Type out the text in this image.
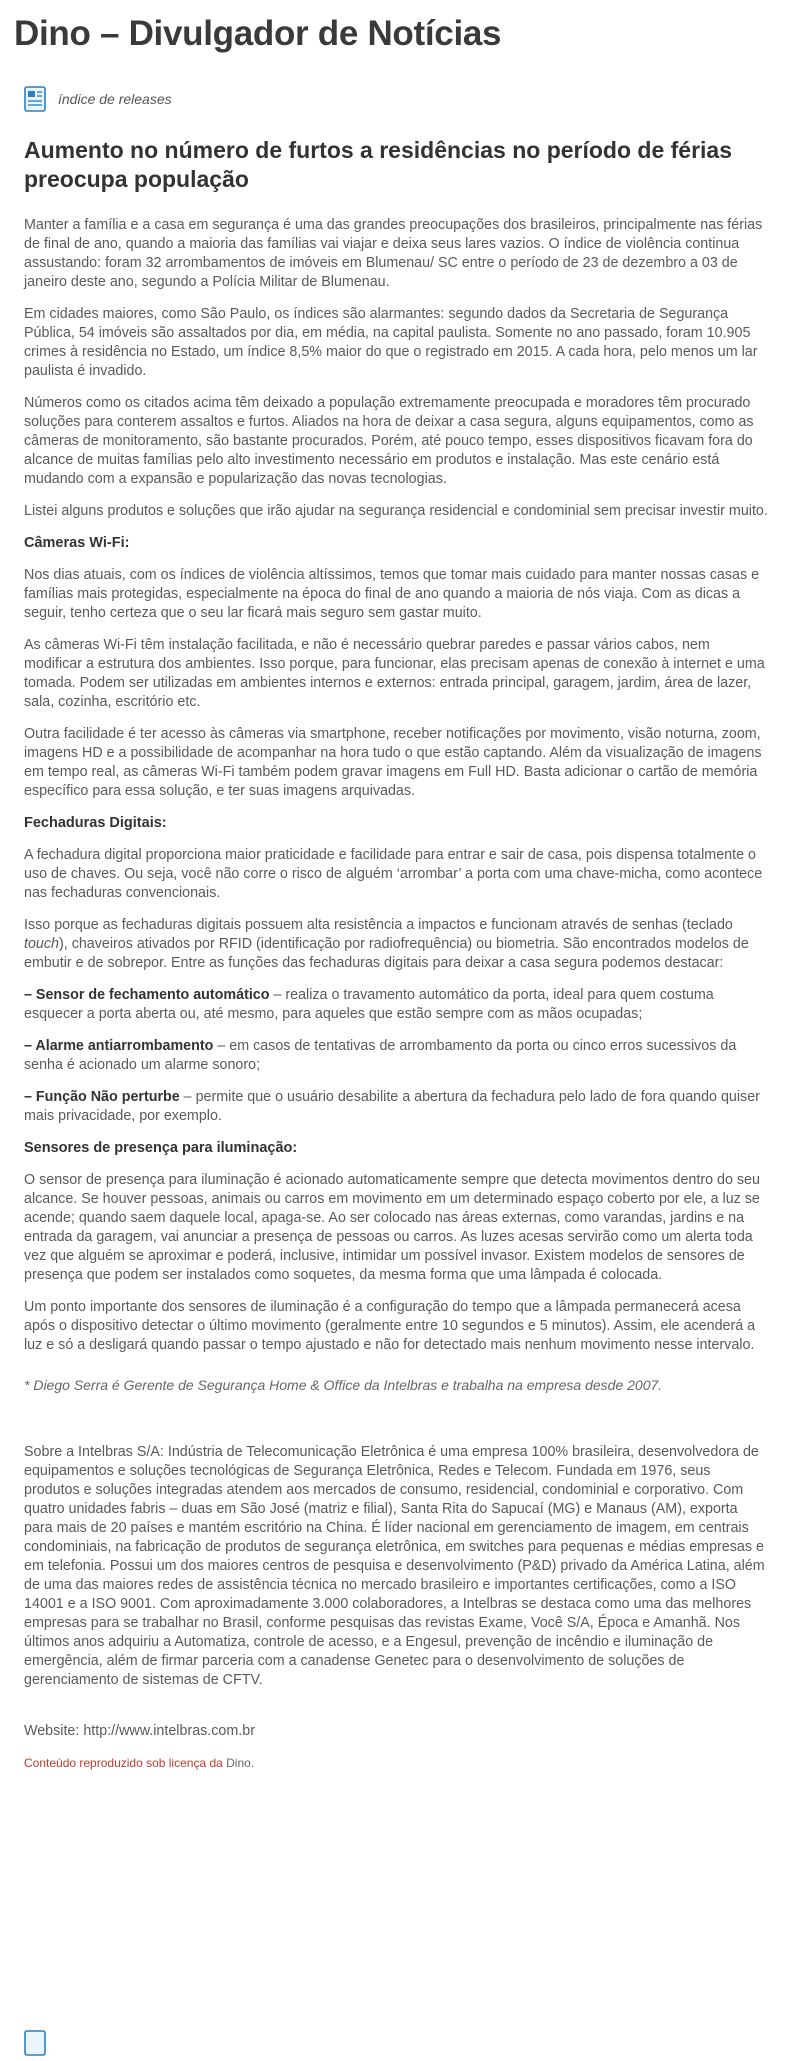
Dino – Divulgador de Notícias
índice de releases
Aumento no número de furtos a residências no período de férias preocupa população

Manter a família e a casa em segurança é uma das grandes preocupações dos brasileiros, principalmente nas férias de final de ano, quando a maioria das famílias vai viajar e deixa seus lares vazios. O índice de violência continua assustando: foram 32 arrombamentos de imóveis em Blumenau/ SC entre o período de 23 de dezembro a 03 de janeiro deste ano, segundo a Polícia Militar de Blumenau.

Em cidades maiores, como São Paulo, os índices são alarmantes: segundo dados da Secretaria de Segurança Pública, 54 imóveis são assaltados por dia, em média, na capital paulista. Somente no ano passado, foram 10.905 crimes à residência no Estado, um índice 8,5% maior do que o registrado em 2015. A cada hora, pelo menos um lar paulista é invadido.

Números como os citados acima têm deixado a população extremamente preocupada e moradores têm procurado soluções para conterem assaltos e furtos. Aliados na hora de deixar a casa segura, alguns equipamentos, como as câmeras de monitoramento, são bastante procurados. Porém, até pouco tempo, esses dispositivos ficavam fora do alcance de muitas famílias pelo alto investimento necessário em produtos e instalação. Mas este cenário está mudando com a expansão e popularização das novas tecnologias.

Listei alguns produtos e soluções que irão ajudar na segurança residencial e condominial sem precisar investir muito.

Câmeras Wi-Fi:

Nos dias atuais, com os índices de violência altíssimos, temos que tomar mais cuidado para manter nossas casas e famílias mais protegidas, especialmente na época do final de ano quando a maioria de nós viaja. Com as dicas a seguir, tenho certeza que o seu lar ficará mais seguro sem gastar muito.

As câmeras Wi-Fi têm instalação facilitada, e não é necessário quebrar paredes e passar vários cabos, nem modificar a estrutura dos ambientes. Isso porque, para funcionar, elas precisam apenas de conexão à internet e uma tomada. Podem ser utilizadas em ambientes internos e externos: entrada principal, garagem, jardim, área de lazer, sala, cozinha, escritório etc.

Outra facilidade é ter acesso às câmeras via smartphone, receber notificações por movimento, visão noturna, zoom, imagens HD e a possibilidade de acompanhar na hora tudo o que estão captando. Além da visualização de imagens em tempo real, as câmeras Wi-Fi também podem gravar imagens em Full HD. Basta adicionar o cartão de memória específico para essa solução, e ter suas imagens arquivadas.

Fechaduras Digitais:

A fechadura digital proporciona maior praticidade e facilidade para entrar e sair de casa, pois dispensa totalmente o uso de chaves. Ou seja, você não corre o risco de alguém ‘arrombar’ a porta com uma chave-micha, como acontece nas fechaduras convencionais.

Isso porque as fechaduras digitais possuem alta resistência a impactos e funcionam através de senhas (teclado touch), chaveiros ativados por RFID (identificação por radiofrequência) ou biometria. São encontrados modelos de embutir e de sobrepor. Entre as funções das fechaduras digitais para deixar a casa segura podemos destacar:

– Sensor de fechamento automático – realiza o travamento automático da porta, ideal para quem costuma esquecer a porta aberta ou, até mesmo, para aqueles que estão sempre com as mãos ocupadas;

– Alarme antiarrombamento – em casos de tentativas de arrombamento da porta ou cinco erros sucessivos da senha é acionado um alarme sonoro;

– Função Não perturbe – permite que o usuário desabilite a abertura da fechadura pelo lado de fora quando quiser mais privacidade, por exemplo.

Sensores de presença para iluminação:

O sensor de presença para iluminação é acionado automaticamente sempre que detecta movimentos dentro do seu alcance. Se houver pessoas, animais ou carros em movimento em um determinado espaço coberto por ele, a luz se acende; quando saem daquele local, apaga-se. Ao ser colocado nas áreas externas, como varandas, jardins e na entrada da garagem, vai anunciar a presença de pessoas ou carros. As luzes acesas servirão como um alerta toda vez que alguém se aproximar e poderá, inclusive, intimidar um possível invasor. Existem modelos de sensores de presença que podem ser instalados como soquetes, da mesma forma que uma lâmpada é colocada.

Um ponto importante dos sensores de iluminação é a configuração do tempo que a lâmpada permanecerá acesa após o dispositivo detectar o último movimento (geralmente entre 10 segundos e 5 minutos). Assim, ele acenderá a luz e só a desligará quando passar o tempo ajustado e não for detectado mais nenhum movimento nesse intervalo.

* Diego Serra é Gerente de Segurança Home & Office da Intelbras e trabalha na empresa desde 2007.

Sobre a Intelbras S/A: Indústria de Telecomunicação Eletrônica é uma empresa 100% brasileira, desenvolvedora de equipamentos e soluções tecnológicas de Segurança Eletrônica, Redes e Telecom. Fundada em 1976, seus produtos e soluções integradas atendem aos mercados de consumo, residencial, condominial e corporativo. Com quatro unidades fabris – duas em São José (matriz e filial), Santa Rita do Sapucaí (MG) e Manaus (AM), exporta para mais de 20 países e mantém escritório na China. É líder nacional em gerenciamento de imagem, em centrais condominiais, na fabricação de produtos de segurança eletrônica, em switches para pequenas e médias empresas e em telefonia. Possui um dos maiores centros de pesquisa e desenvolvimento (P&D) privado da América Latina, além de uma das maiores redes de assistência técnica no mercado brasileiro e importantes certificações, como a ISO 14001 e a ISO 9001. Com aproximadamente 3.000 colaboradores, a Intelbras se destaca como uma das melhores empresas para se trabalhar no Brasil, conforme pesquisas das revistas Exame, Você S/A, Época e Amanhã. Nos últimos anos adquiriu a Automatiza, controle de acesso, e a Engesul, prevenção de incêndio e iluminação de emergência, além de firmar parceria com a canadense Genetec para o desenvolvimento de soluções de gerenciamento de sistemas de CFTV.

Website: http://www.intelbras.com.br

Conteúdo reproduzido sob licença da Dino.
